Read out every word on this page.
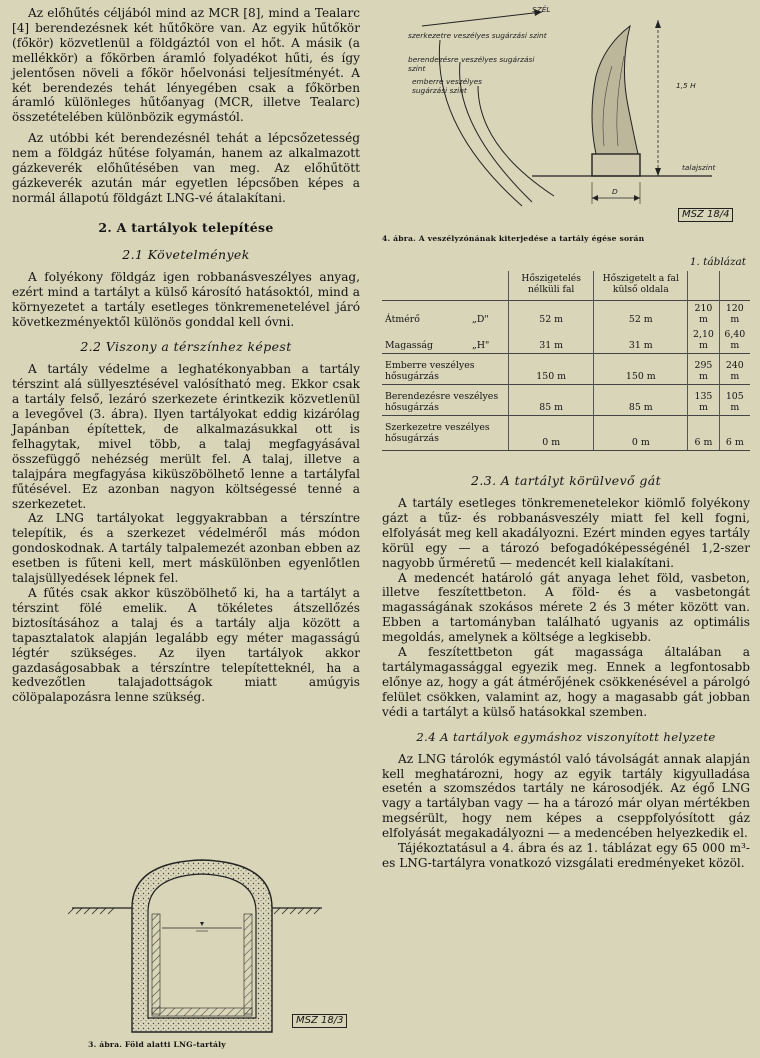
Az előhűtés céljából mind az MCR [8], mind a Tealarc [4] berendezésnek két hűtőköre van. Az egyik hűtőkör (főkör) közvetlenül a földgáztól von el hőt. A másik (a mellékkör) a főkörben áramló folyadékot hűti, és így jelentősen növeli a főkör hőelvonási teljesítményét. A két berendezés tehát lényegében csak a főkörben áramló különleges hűtőanyag (MCR, illetve Tealarc) összetételében különbözik egymástól.

Az utóbbi két berendezésnél tehát a lépcsőzetesség nem a földgáz hűtése folyamán, hanem az alkalmazott gázkeverék előhűtésében van meg. Az előhűtött gázkeverék azután már egyetlen lépcsőben képes a normál állapotú földgázt LNG-vé átalakítani.

2. A tartályok telepítése
2.1 Követelmények

A folyékony földgáz igen robbanásveszélyes anyag, ezért mind a tartályt a külső károsító hatásoktól, mind a környezetet a tartály esetleges tönkremenetelével járó következményektől különös gonddal kell óvni.

2.2 Viszony a térszínhez képest

A tartály védelme a leghatékonyabban a tartály térszint alá süllyesztésével valósítható meg. Ekkor csak a tartály felső, lezáró szerkezete érintkezik közvetlenül a levegővel (3. ábra). Ilyen tartályokat eddig kizárólag Japánban építettek, de alkalmazásukkal ott is felhagytak, mivel több, a talaj megfagyásával összefüggő nehézség merült fel. A talaj, illetve a talajpára megfagyása kiküszöbölhető lenne a tartályfal fűtésével. Ez azonban nagyon költségessé tenné a szerkezetet.

Az LNG tartályokat leggyakrabban a térszíntre telepítik, és a szerkezet védelméről más módon gondoskodnak. A tartály talpalemezét azonban ebben az esetben is fűteni kell, mert máskülönben egyenlőtlen talajsüllyedések lépnek fel.

A fűtés csak akkor küszöbölhető ki, ha a tartályt a térszint fölé emelik. A tökéletes átszellőzés biztosításához a talaj és a tartály alja között a tapasztalatok alapján legalább egy méter magasságú légtér szükséges. Az ilyen tartályok akkor gazdaságosabbak a térszíntre telepítetteknél, ha a kedvezőtlen talajadottságok miatt amúgyis cölöpalapozásra lenne szükség.

MSZ 18/3
3. ábra. Föld alatti LNG-tartály
SZÉL
szerkezetre veszélyes sugárzási szint
berendezésre veszélyes sugárzási szint
emberre veszélyes sugárzási szint	1,5 H
talajszint
D
MSZ 18/4
4. ábra. A veszélyzónának kiterjedése a tartály égése során
1. táblázat
		Hőszigetelés nélküli fal	Hőszigetelt a fal külső oldala		
Átmérő	„D"	52 m	52 m	210 m	120 m
Magasság	„H"	31 m	31 m	2,10 m	6,40 m
Emberre veszélyes hősugárzás		150 m	150 m	295 m	240 m
Berendezésre veszélyes hősugárzás		85 m	85 m	135 m	105 m
Szerkezetre veszélyes hősugárzás		0 m	0 m	6 m	6 m
2.3. A tartályt körülvevő gát

A tartály esetleges tönkremenetelekor kiömlő folyékony gázt a tűz- és robbanásveszély miatt fel kell fogni, elfolyását meg kell akadályozni. Ezért minden egyes tartály körül egy — a tározó befogadóképességénél 1,2-szer nagyobb űrméretű — medencét kell kialakítani.

A medencét határoló gát anyaga lehet föld, vasbeton, illetve feszítettbeton. A föld- és a vasbetongát magasságának szokásos mérete 2 és 3 méter között van. Ebben a tartományban található ugyanis az optimális megoldás, amelynek a költsége a legkisebb.

A feszítettbeton gát magassága általában a tartálymagassággal egyezik meg. Ennek a legfontosabb előnye az, hogy a gát átmérőjének csökkenésével a párolgó felület csökken, valamint az, hogy a magasabb gát jobban védi a tartályt a külső hatásokkal szemben.

2.4 A tartályok egymáshoz viszonyított helyzete

Az LNG tárolók egymástól való távolságát annak alapján kell meghatározni, hogy az egyik tartály kigyulladása esetén a szomszédos tartály ne károsodjék. Az égő LNG vagy a tartályban vagy — ha a tározó már olyan mértékben megsérült, hogy nem képes a cseppfolyósított gáz elfolyását megakadályozni — a medencében helyezkedik el.

Tájékoztatásul a 4. ábra és az 1. táblázat egy 65 000 m³-es LNG-tartályra vonatkozó vizsgálati eredményeket közöl.
